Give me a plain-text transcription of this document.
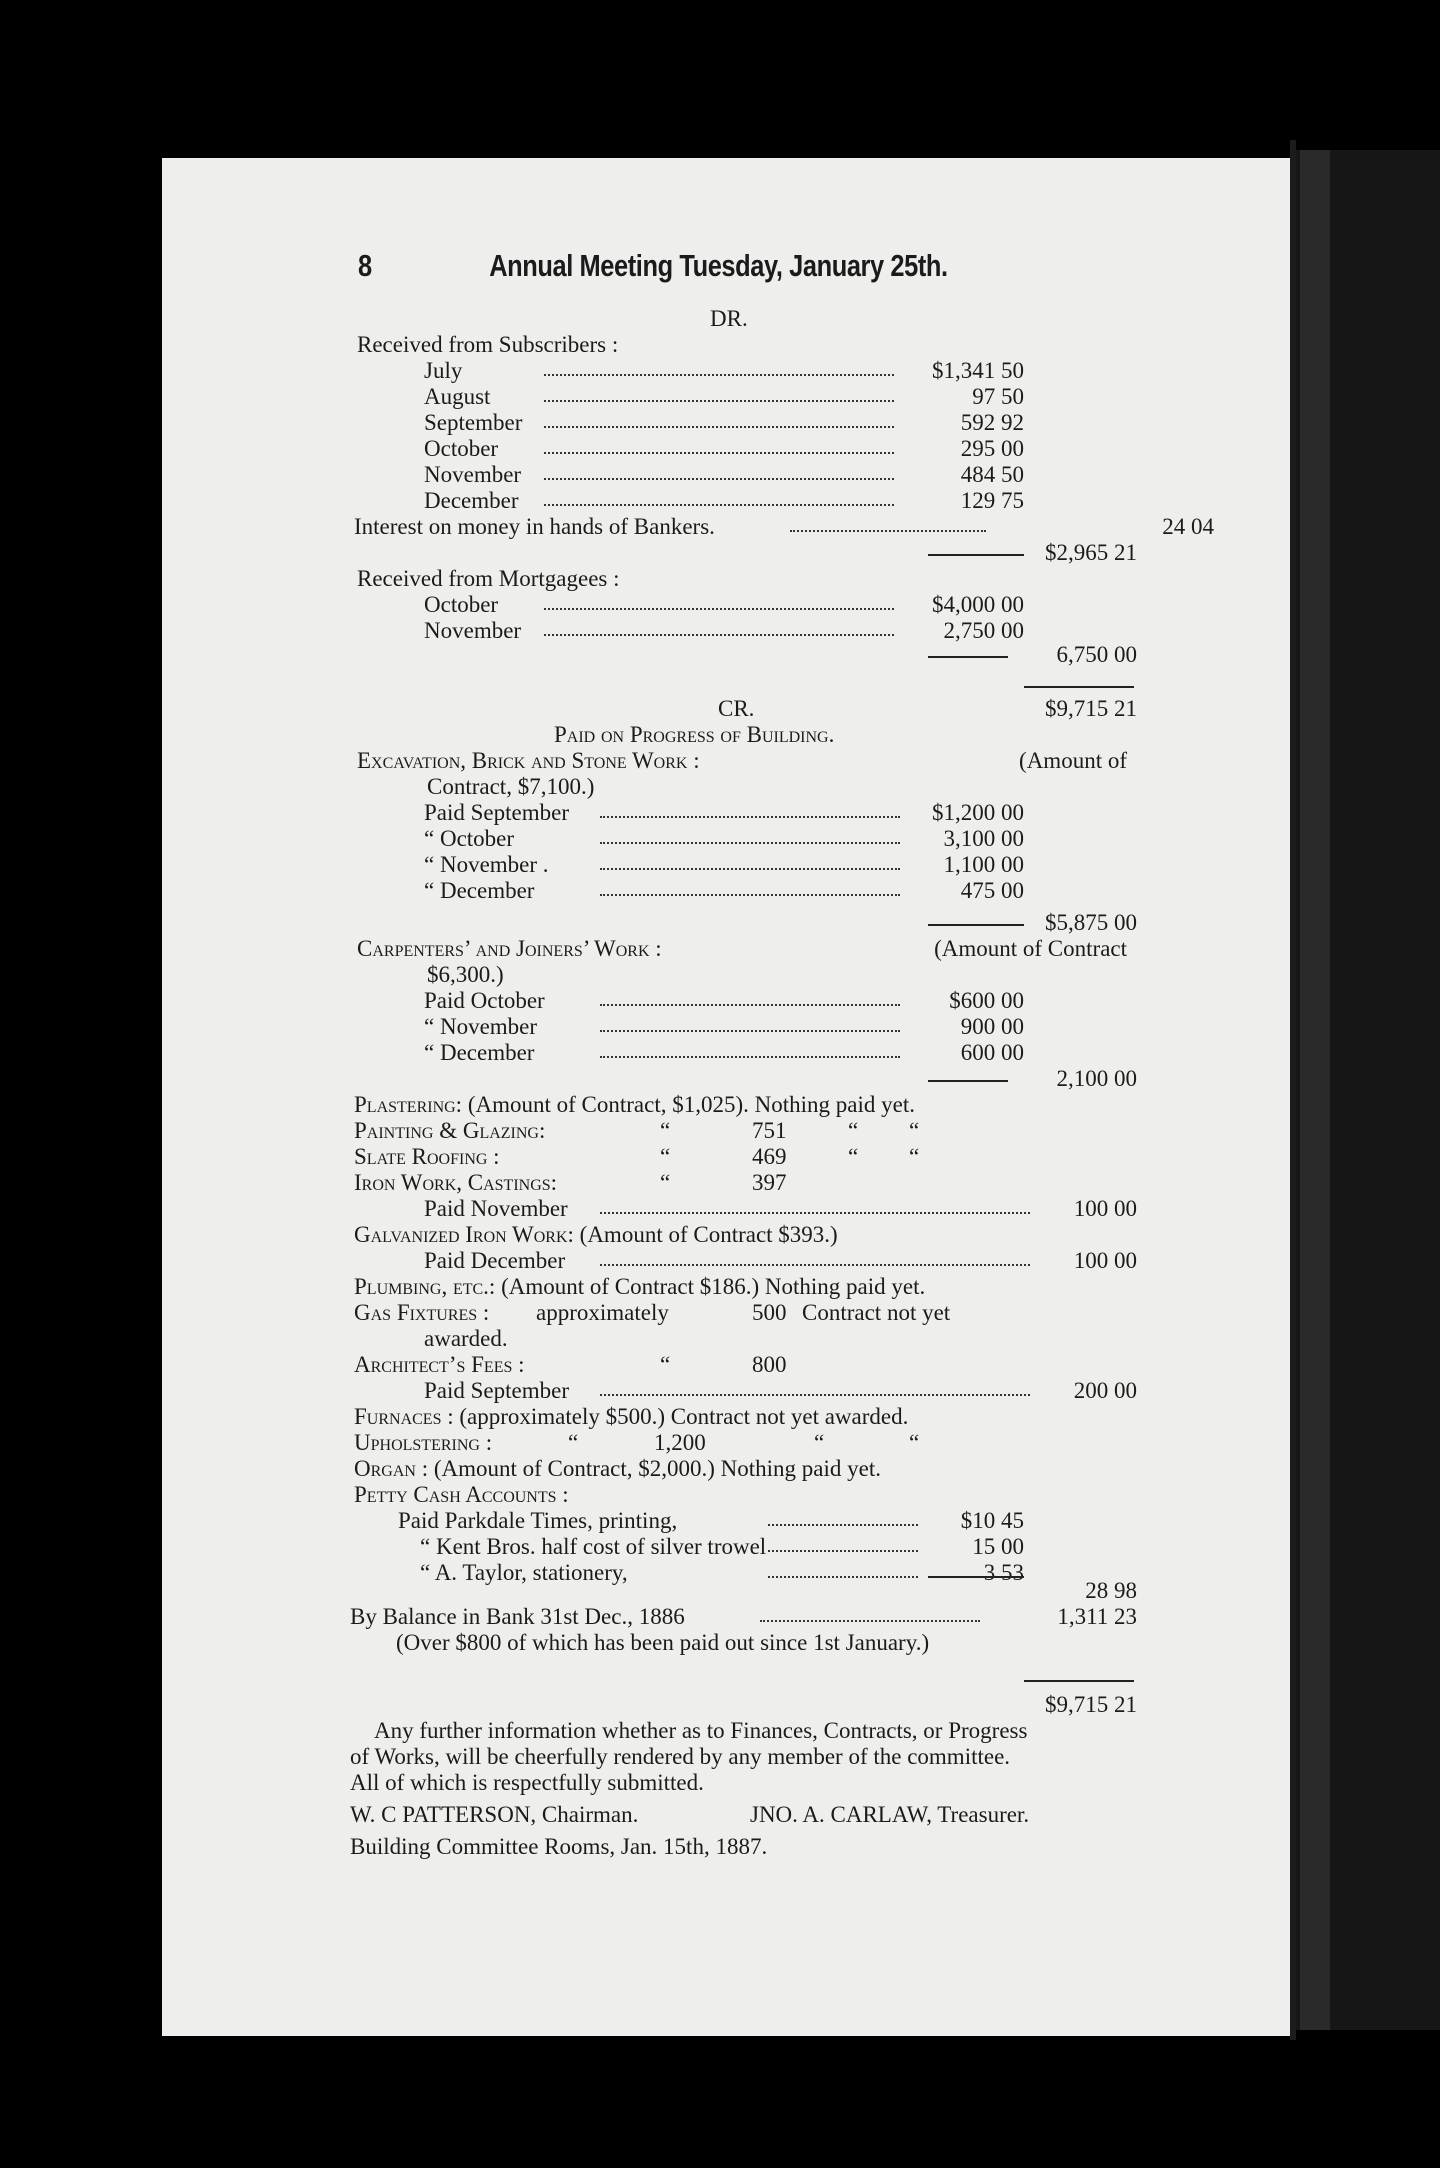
8	Annual Meeting Tuesday, January 25th.
DR.
Received from Subscribers :
July	$1,341 50
August	97 50
September	592 92
October	295 00
November	484 50
December	129 75
Interest on money in hands of Bankers.	24 04
$2,965 21
Received from Mortgagees :
October	$4,000 00
November	2,750 00
6,750 00
CR.	$9,715 21
Paid on Progress of Building.
Excavation, Brick and Stone Work :	(Amount of
Contract, $7,100.)
Paid September	$1,200 00
“ October	3,100 00
“ November .	1,100 00
“ December	475 00
$5,875 00
Carpenters’ and Joiners’ Work :	(Amount of Contract
$6,300.)
Paid October	$600 00
“ November	900 00
“ December	600 00
2,100 00
Plastering: (Amount of Contract, $1,025). Nothing paid yet.
Painting & Glazing:	“	751	“ “
Slate Roofing :	“	469	“ “
Iron Work, Castings:	“	397
Paid November	100 00
Galvanized Iron Work: (Amount of Contract $393.)
Paid December	100 00
Plumbing, etc.: (Amount of Contract $186.) Nothing paid yet.
Gas Fixtures : approximately	500 Contract not yet
awarded.
Architect’s Fees :	“	800
Paid September	200 00
Furnaces : (approximately $500.) Contract not yet awarded.
Upholstering :	“	1,200	“	“
Organ : (Amount of Contract, $2,000.) Nothing paid yet.
Petty Cash Accounts :
Paid Parkdale Times, printing,	$10 45
“ Kent Bros. half cost of silver trowel	15 00
“ A. Taylor, stationery,	3 53
28 98
By Balance in Bank 31st Dec., 1886	1,311 23
(Over $800 of which has been paid out since 1st January.)
$9,715 21
Any further information whether as to Finances, Contracts, or Progress
of Works, will be cheerfully rendered by any member of the committee.
All of which is respectfully submitted.
W. C PATTERSON, Chairman.	JNO. A. CARLAW, Treasurer.
Building Committee Rooms, Jan. 15th, 1887.
